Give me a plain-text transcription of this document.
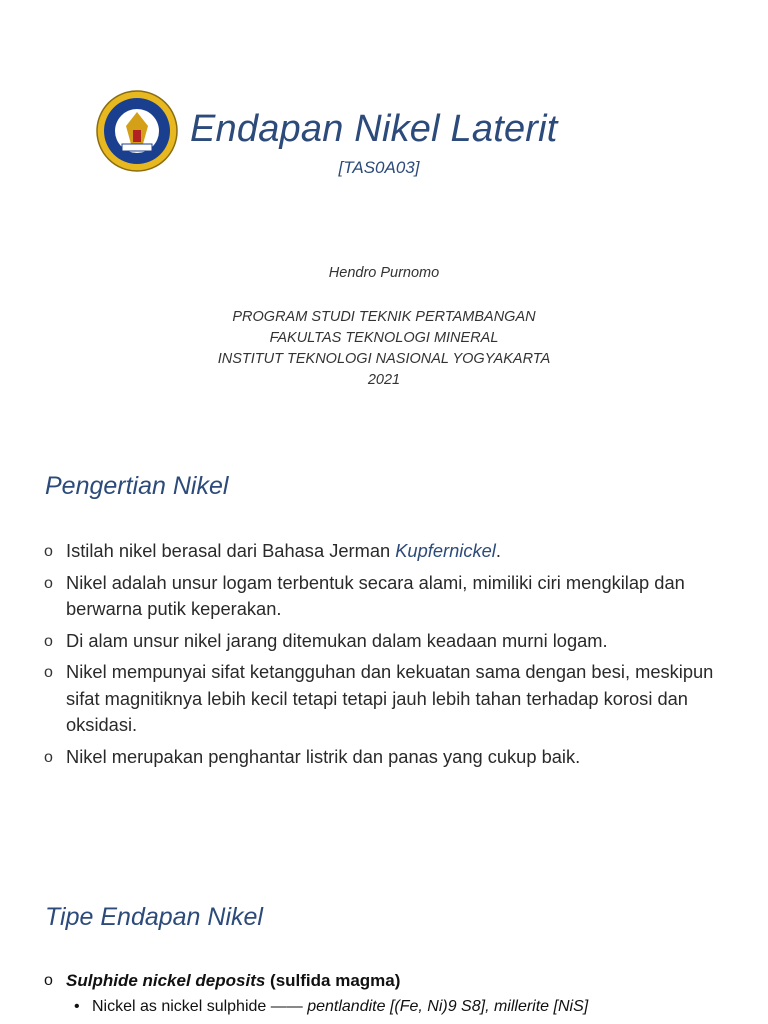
Endapan Nikel Laterit
[TAS0A03]
Hendro Purnomo
PROGRAM STUDI TEKNIK PERTAMBANGAN
FAKULTAS TEKNOLOGI MINERAL
INSTITUT TEKNOLOGI NASIONAL YOGYAKARTA
2021
Pengertian Nikel
o Istilah nikel berasal dari Bahasa Jerman Kupfernickel.
o Nikel adalah unsur logam terbentuk secara alami, mimiliki ciri mengkilap dan berwarna putik keperakan.
o Di alam unsur nikel jarang ditemukan dalam keadaan murni logam.
o Nikel mempunyai sifat ketangguhan dan kekuatan sama dengan besi, meskipun sifat magnitiknya lebih kecil tetapi tetapi jauh lebih tahan terhadap korosi dan oksidasi.
o Nikel merupakan penghantar listrik dan panas yang cukup baik.
Tipe Endapan Nikel
o Sulphide nickel deposits (sulfida magma)
• Nickel as nickel sulphide —— pentlandite [(Fe, Ni)9 S8], millerite [NiS]
